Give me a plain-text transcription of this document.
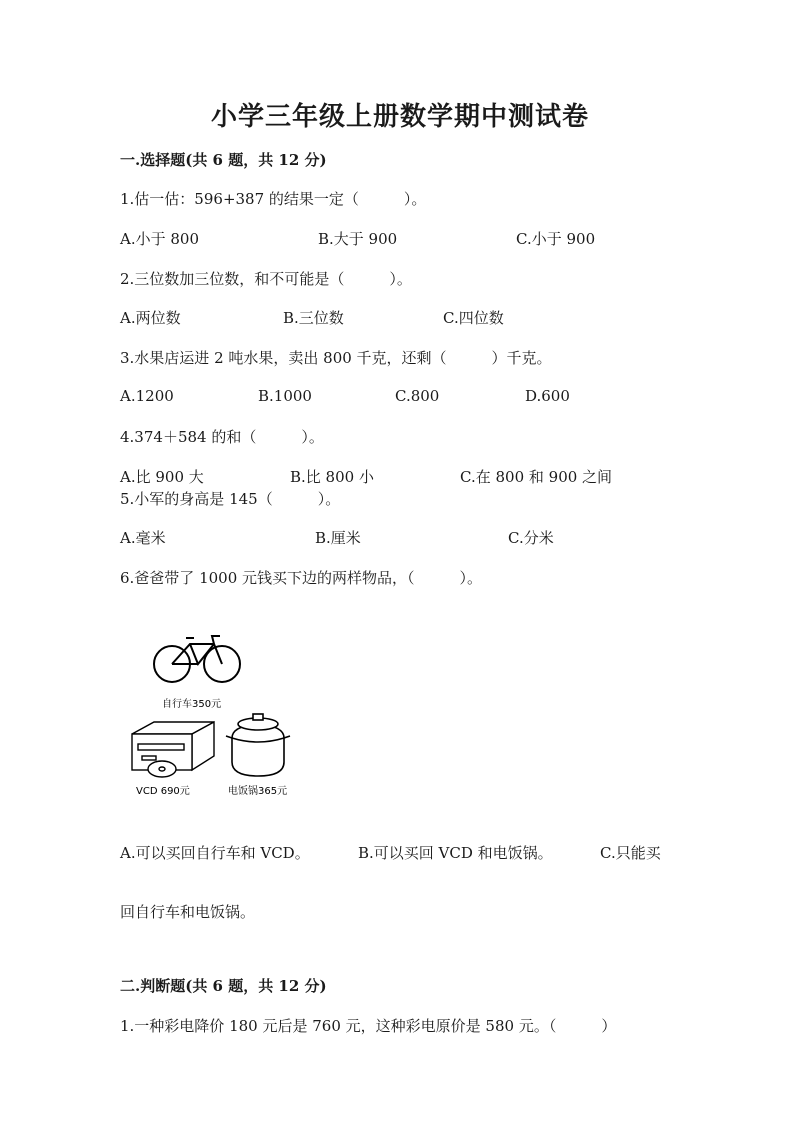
小学三年级上册数学期中测试卷
一.选择题(共 6 题，共 12 分)
1.估一估：596+387 的结果一定（　　　）。
A.小于 800	B.大于 900	C.小于 900
2.三位数加三位数，和不可能是（　　　）。
A.两位数	B.三位数	C.四位数
3.水果店运进 2 吨水果，卖出 800 千克，还剩（　　　）千克。
A.1200	B.1000	C.800	D.600
4.374＋584 的和（　　　）。
A.比 900 大	B.比 800 小	C.在 800 和 900 之间
5.小军的身高是 145（　　　）。
A.毫米	B.厘米	C.分米
6.爸爸带了 1000 元钱买下边的两样物品，（　　　）。
自行车350元
VCD 690元	电饭锅365元
A.可以买回自行车和 VCD。	B.可以买回 VCD 和电饭锅。	C.只能买
回自行车和电饭锅。
二.判断题(共 6 题，共 12 分)
1.一种彩电降价 180 元后是 760 元，这种彩电原价是 580 元。（　　　）
